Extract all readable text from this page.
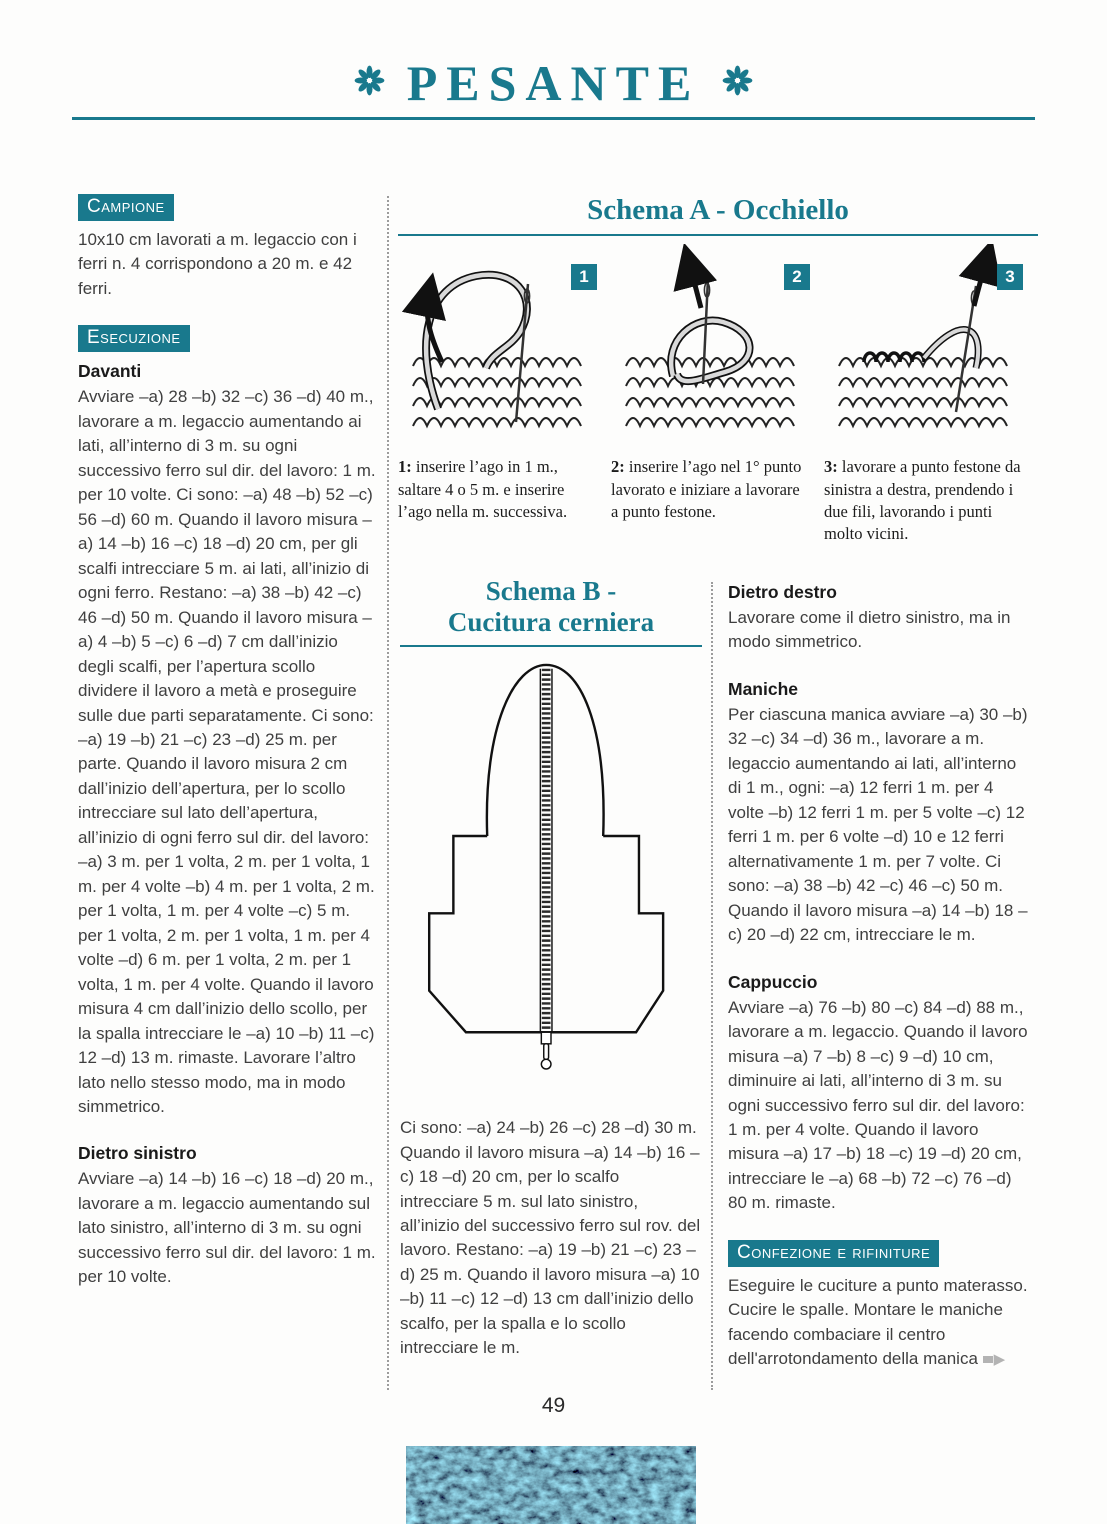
PESANTE
Campione

10x10 cm lavorati a m. legaccio con i ferri n. 4 corrispondono a 20 m. e 42 ferri.

Esecuzione
Davanti

Avviare –a) 28 –b) 32 –c) 36 –d) 40 m., lavorare a m. legaccio aumentando ai lati, all’interno di 3 m. su ogni successivo ferro sul dir. del lavoro: 1 m. per 10 volte. Ci sono: –a) 48 –b) 52 –c) 56 –d) 60 m. Quando il lavoro misura –a) 14 –b) 16 –c) 18 –d) 20 cm, per gli scalfi intrecciare 5 m. ai lati, all’inizio di ogni ferro. Restano: –a) 38 –b) 42 –c) 46 –d) 50 m. Quando il lavoro misura –a) 4 –b) 5 –c) 6 –d) 7 cm dall’inizio degli scalfi, per l’apertura scollo dividere il lavoro a metà e proseguire sulle due parti separatamente. Ci sono: –a) 19 –b) 21 –c) 23 –d) 25 m. per parte. Quando il lavoro misura 2 cm dall’inizio dell’apertura, per lo scollo intrecciare sul lato dell’apertura, all’inizio di ogni ferro sul dir. del lavoro: –a) 3 m. per 1 volta, 2 m. per 1 volta, 1 m. per 4 volte –b) 4 m. per 1 volta, 2 m. per 1 volta, 1 m. per 4 volte –c) 5 m. per 1 volta, 2 m. per 1 volta, 1 m. per 4 volte –d) 6 m. per 1 volta, 2 m. per 1 volta, 1 m. per 4 volte. Quando il lavoro misura 4 cm dall’inizio dello scollo, per la spalla intrecciare le –a) 10 –b) 11 –c) 12 –d) 13 m. rimaste. Lavorare l’altro lato nello stesso modo, ma in modo simmetrico.

Dietro sinistro

Avviare –a) 14 –b) 16 –c) 18 –d) 20 m., lavorare a m. legaccio aumentando sul lato sinistro, all’interno di 3 m. su ogni successivo ferro sul dir. del lavoro: 1 m. per 10 volte.

Schema A - Occhiello
1	2	3

1: inserire l’ago in 1 m., saltare 4 o 5 m. e inserire l’ago nella m. successiva.

2: inserire l’ago nel 1° punto lavorato e iniziare a lavorare a punto festone.

3: lavorare a punto festone da sinistra a destra, prendendo i due fili, lavorando i punti molto vicini.

Schema B -
Cucitura cerniera

Ci sono: –a) 24 –b) 26 –c) 28 –d) 30 m. Quando il lavoro misura –a) 14 –b) 16 –c) 18 –d) 20 cm, per lo scalfo intrecciare 5 m. sul lato sinistro, all’inizio del successivo ferro sul rov. del lavoro. Restano: –a) 19 –b) 21 –c) 23 –d) 25 m. Quando il lavoro misura –a) 10 –b) 11 –c) 12 –d) 13 cm dall’inizio dello scalfo, per la spalla e lo scollo intrecciare le m.

Dietro destro

Lavorare come il dietro sinistro, ma in modo simmetrico.

Maniche

Per ciascuna manica avviare –a) 30 –b) 32 –c) 34 –d) 36 m., lavorare a m. legaccio aumentando ai lati, all’interno di 1 m., ogni: –a) 12 ferri 1 m. per 4 volte –b) 12 ferri 1 m. per 5 volte –c) 12 ferri 1 m. per 6 volte –d) 10 e 12 ferri alternativamente 1 m. per 7 volte. Ci sono: –a) 38 –b) 42 –c) 46 –c) 50 m. Quando il lavoro misura –a) 14 –b) 18 –c) 20 –d) 22 cm, intrecciare le m.

Cappuccio

Avviare –a) 76 –b) 80 –c) 84 –d) 88 m., lavorare a m. legaccio. Quando il lavoro misura –a) 7 –b) 8 –c) 9 –d) 10 cm, diminuire ai lati, all’interno di 3 m. su ogni successivo ferro sul dir. del lavoro: 1 m. per 4 volte. Quando il lavoro misura –a) 17 –b) 18 –c) 19 –d) 20 cm, intrecciare le –a) 68 –b) 72 –c) 76 –d) 80 m. rimaste.

Confezione e rifiniture

Eseguire le cuciture a punto materasso. Cucire le spalle. Montare le maniche facendo combaciare il centro dell'arrotondamento della manica ▶

49
